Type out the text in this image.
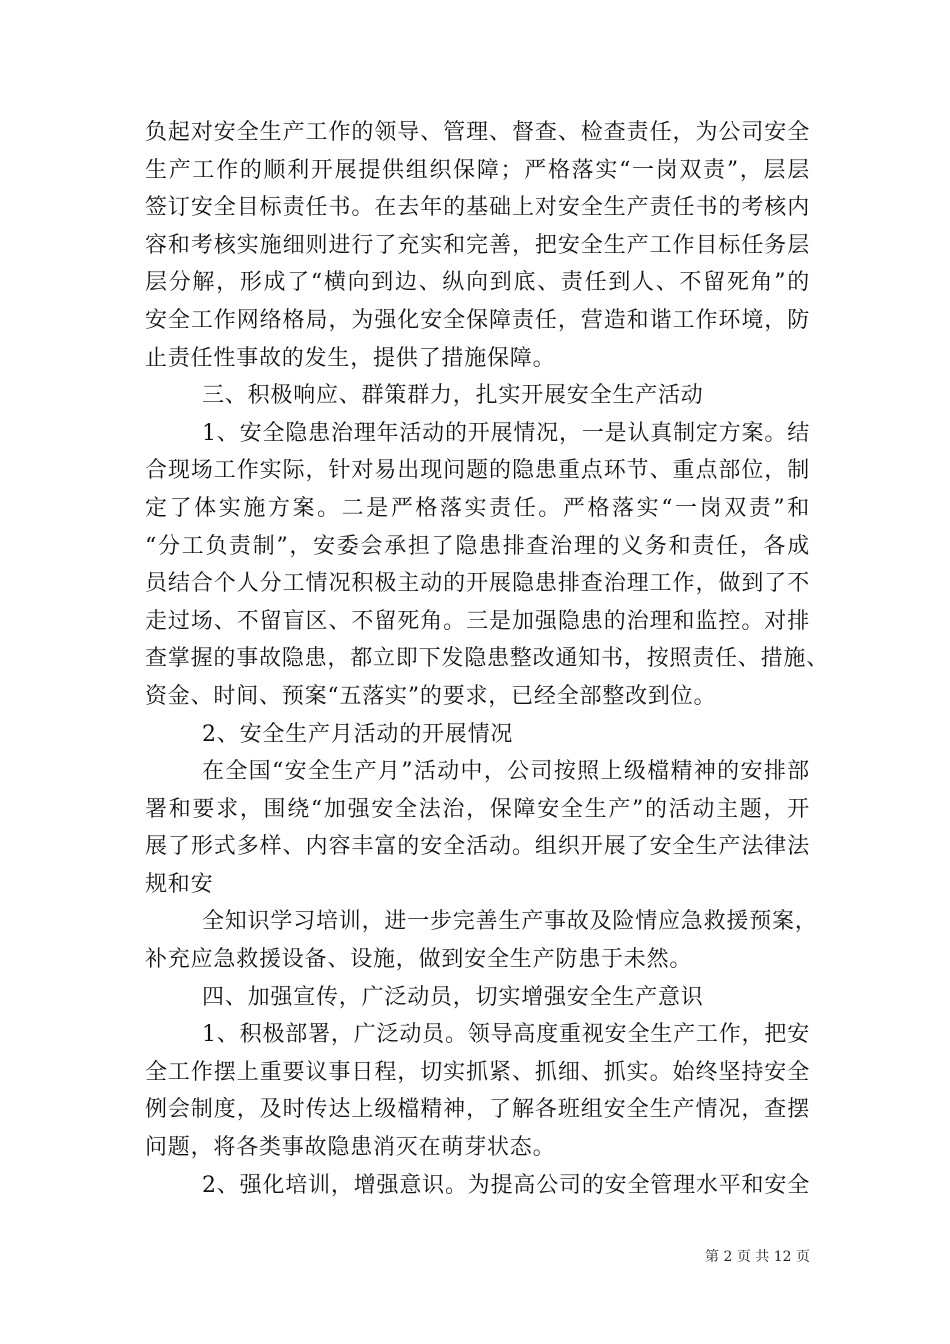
负起对安全生产工作的领导、管理、督查、检查责任，为公司安全
生产工作的顺利开展提供组织保障；严格落实“一岗双责”，层层
签订安全目标责任书。在去年的基础上对安全生产责任书的考核内
容和考核实施细则进行了充实和完善，把安全生产工作目标任务层
层分解，形成了“横向到边、纵向到底、责任到人、不留死角”的
安全工作网络格局，为强化安全保障责任，营造和谐工作环境，防
止责任性事故的发生，提供了措施保障。
三、积极响应、群策群力，扎实开展安全生产活动
1、安全隐患治理年活动的开展情况，一是认真制定方案。结
合现场工作实际，针对易出现问题的隐患重点环节、重点部位，制
定了体实施方案。二是严格落实责任。严格落实“一岗双责”和
“分工负责制”，安委会承担了隐患排查治理的义务和责任，各成
员结合个人分工情况积极主动的开展隐患排查治理工作，做到了不
走过场、不留盲区、不留死角。三是加强隐患的治理和监控。对排
查掌握的事故隐患，都立即下发隐患整改通知书，按照责任、措施、
资金、时间、预案“五落实”的要求，已经全部整改到位。
2、安全生产月活动的开展情况
在全国“安全生产月”活动中，公司按照上级檔精神的安排部
署和要求，围绕“加强安全法治，保障安全生产”的活动主题，开
展了形式多样、内容丰富的安全活动。组织开展了安全生产法律法
规和安
全知识学习培训，进一步完善生产事故及险情应急救援预案，
补充应急救援设备、设施，做到安全生产防患于未然。
四、加强宣传，广泛动员，切实增强安全生产意识
1、积极部署，广泛动员。领导高度重视安全生产工作，把安
全工作摆上重要议事日程，切实抓紧、抓细、抓实。始终坚持安全
例会制度，及时传达上级檔精神，了解各班组安全生产情况，查摆
问题，将各类事故隐患消灭在萌芽状态。
2、强化培训，增强意识。为提高公司的安全管理水平和安全
第 2 页 共 12 页
